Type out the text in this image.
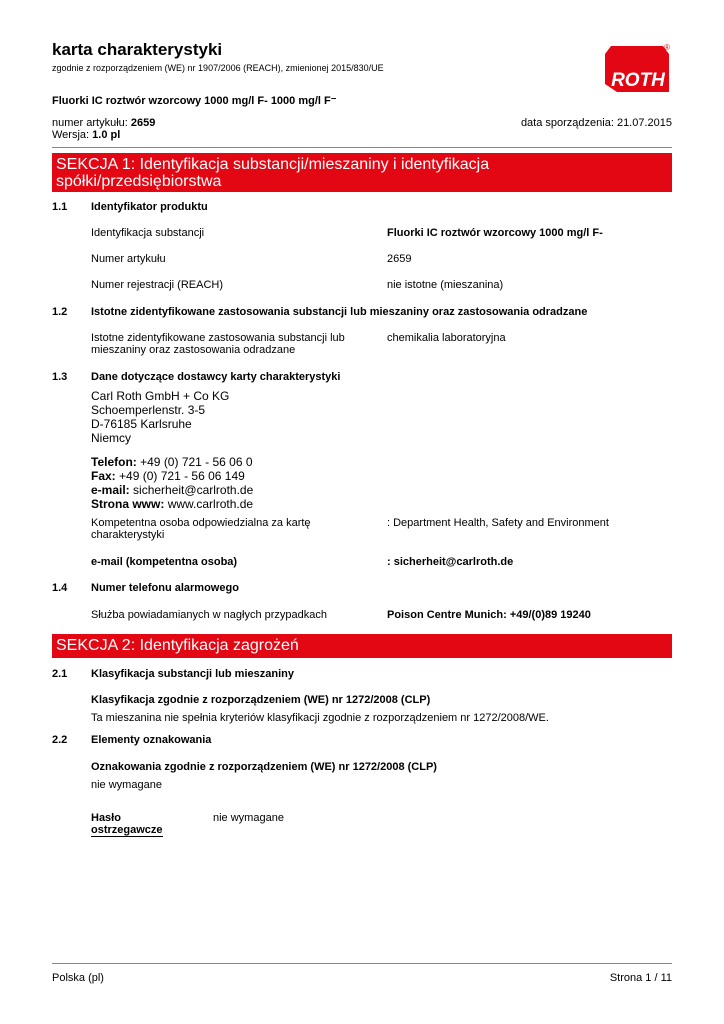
karta charakterystyki
zgodnie z rozporządzeniem (WE) nr 1907/2006 (REACH), zmienionej 2015/830/UE
ROTH
®
Fluorki IC roztwór wzorcowy 1000 mg/l F- 1000 mg/l F⁻
numer artykułu: 2659
Wersja: 1.0 pl
data sporządzenia: 21.07.2015
SEKCJA 1: Identyfikacja substancji/mieszaniny i identyfikacja
spółki/przedsiębiorstwa
1.1 Identyfikator produktu
Identyfikacja substancji	Fluorki IC roztwór wzorcowy 1000 mg/l F-
Numer artykułu	2659
Numer rejestracji (REACH)	nie istotne (mieszanina)
1.2 Istotne zidentyfikowane zastosowania substancji lub mieszaniny oraz zastosowania odradzane
Istotne zidentyfikowane zastosowania substancji lub
mieszaniny oraz zastosowania odradzane
chemikalia laboratoryjna
1.3 Dane dotyczące dostawcy karty charakterystyki
Carl Roth GmbH + Co KG
Schoemperlenstr. 3-5
D-76185 Karlsruhe
Niemcy
Telefon: +49 (0) 721 - 56 06 0
Fax: +49 (0) 721 - 56 06 149
e-mail: sicherheit@carlroth.de
Strona www: www.carlroth.de
Kompetentna osoba odpowiedzialna za kartę
charakterystyki
: Department Health, Safety and Environment
e-mail (kompetentna osoba)	: sicherheit@carlroth.de
1.4 Numer telefonu alarmowego
Służba powiadamianych w nagłych przypadkach	Poison Centre Munich: +49/(0)89 19240
SEKCJA 2: Identyfikacja zagrożeń
2.1 Klasyfikacja substancji lub mieszaniny
Klasyfikacja zgodnie z rozporządzeniem (WE) nr 1272/2008 (CLP)
Ta mieszanina nie spełnia kryteriów klasyfikacji zgodnie z rozporządzeniem nr 1272/2008/WE.
2.2 Elementy oznakowania
Oznakowania zgodnie z rozporządzeniem (WE) nr 1272/2008 (CLP)
nie wymagane
Hasło
ostrzegawcze
nie wymagane
Polska (pl)	Strona 1 / 11
